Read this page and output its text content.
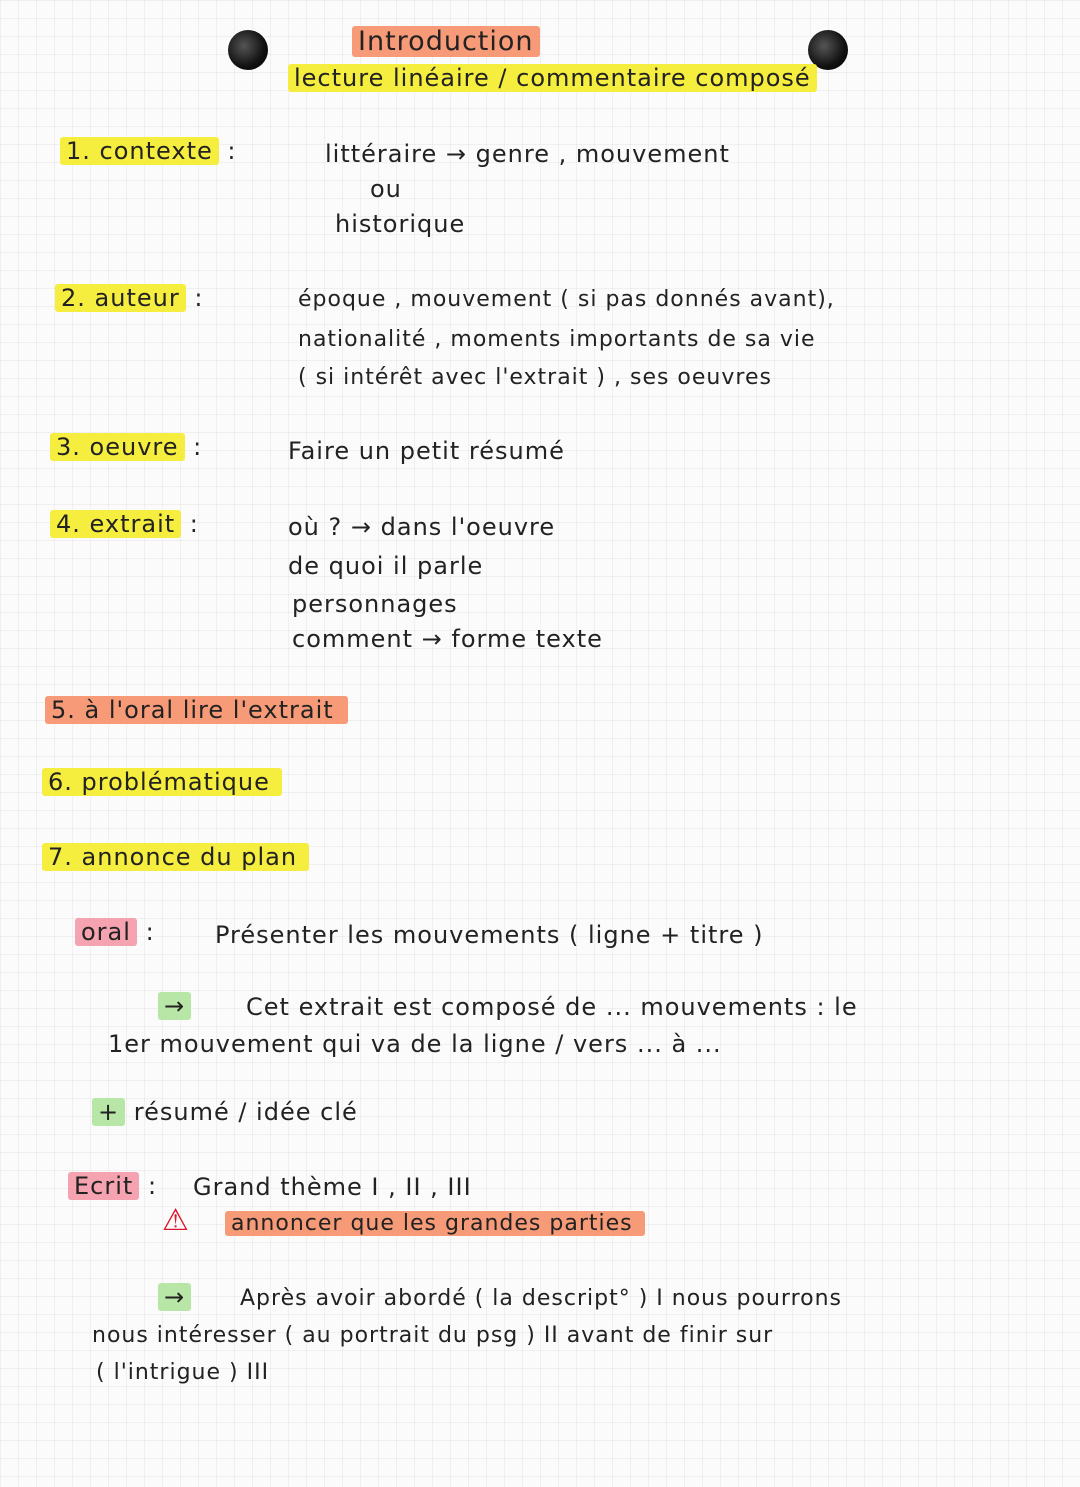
Introduction
lecture linéaire / commentaire composé
1. contexte :	littéraire → genre , mouvement
ou
historique
2. auteur :	époque , mouvement ( si pas donnés avant),
nationalité , moments importants de sa vie
( si intérêt avec l'extrait ) , ses oeuvres
3. oeuvre :	Faire un petit résumé
4. extrait :	où ? → dans l'oeuvre
de quoi il parle
personnages
comment → forme texte
5. à l'oral lire l'extrait
6. problématique
7. annonce du plan
oral :	Présenter les mouvements ( ligne + titre )
→	Cet extrait est composé de ... mouvements : le
1er mouvement qui va de la ligne / vers ... à ...
+ résumé / idée clé
Ecrit : Grand thème I , II , III
⚠ annoncer que les grandes parties
→ Après avoir abordé ( la descript° ) I nous pourrons
nous intéresser ( au portrait du psg ) II avant de finir sur
( l'intrigue ) III
